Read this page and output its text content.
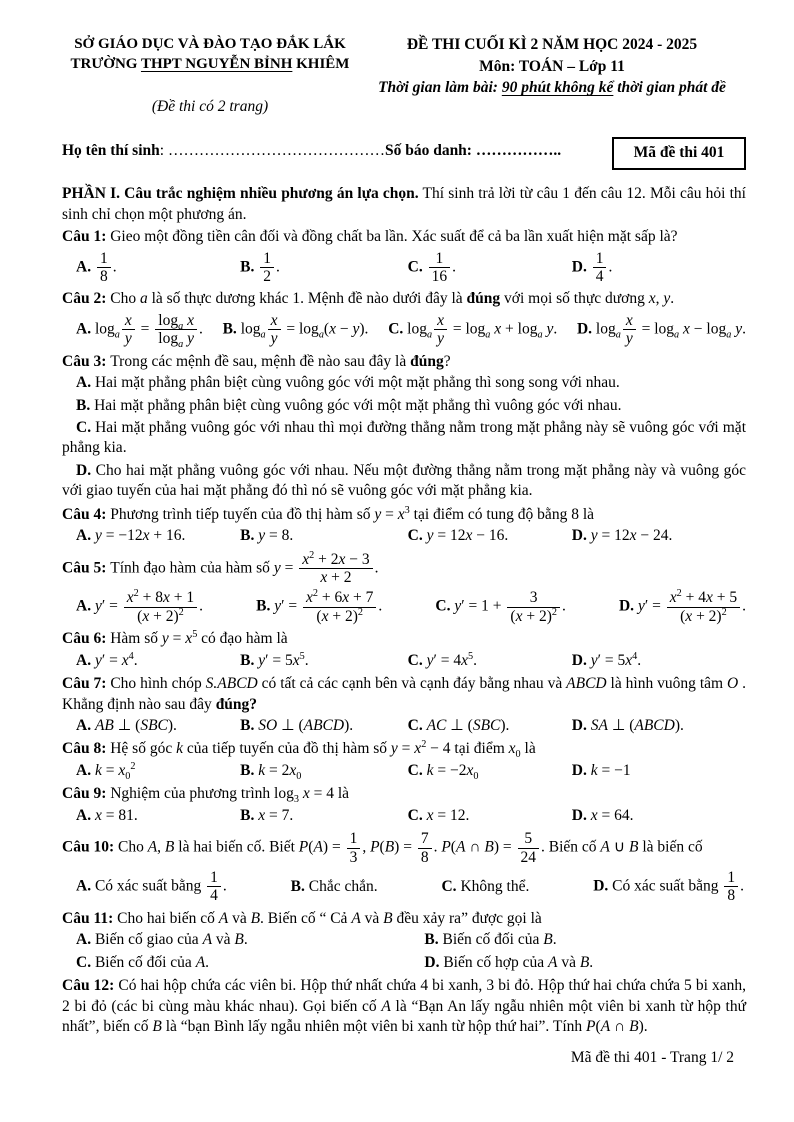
SỞ GIÁO DỤC VÀ ĐÀO TẠO ĐẮK LẮK
TRƯỜNG THPT NGUYỄN BỈNH KHIÊM
(Đề thi có 2 trang)
ĐỀ THI CUỐI KÌ 2 NĂM HỌC 2024 - 2025
Môn: TOÁN – Lớp 11
Thời gian làm bài: 90 phút không kể thời gian phát đề
Họ tên thí sinh: ……………………………………Số báo danh: ……………..	Mã đề thi 401
PHẦN I. Câu trắc nghiệm nhiều phương án lựa chọn. Thí sinh trả lời từ câu 1 đến câu 12. Mỗi câu hỏi thí sinh chỉ chọn một phương án.
Câu 1: Gieo một đồng tiền cân đối và đồng chất ba lần. Xác suất để cả ba lần xuất hiện mặt sấp là?
A. $\frac{1}{8}$ .	B. $\frac{1}{2}$ .	C. $\frac{1}{16}$ .	D. $\frac{1}{4}$ .
Câu 2: Cho a là số thực dương khác 1. Mệnh đề nào dưới đây là đúng với mọi số thực dương x, y.
A. $\log_a \frac{x}{y} = \frac{\log_a x}{\log_a y}$ . B. $\log_a \frac{x}{y} = \log_a(x - y)$. C. $\log_a \frac{x}{y} = \log_a x + \log_a y$. D. $\log_a \frac{x}{y} = \log_a x - \log_a y$.
Câu 3: Trong các mệnh đề sau, mệnh đề nào sau đây là đúng?
A. Hai mặt phẳng phân biệt cùng vuông góc với một mặt phẳng thì song song với nhau.
B. Hai mặt phẳng phân biệt cùng vuông góc với một mặt phẳng thì vuông góc với nhau.
C. Hai mặt phẳng vuông góc với nhau thì mọi đường thẳng nằm trong mặt phẳng này sẽ vuông góc với mặt phẳng kia.
D. Cho hai mặt phẳng vuông góc với nhau. Nếu một đường thẳng nằm trong mặt phẳng này và vuông góc với giao tuyến của hai mặt phẳng đó thì nó sẽ vuông góc với mặt phẳng kia.
Câu 4: Phương trình tiếp tuyến của đồ thị hàm số $y = x^3$ tại điểm có tung độ bằng 8 là
A. y = −12x + 16.	B. y = 8.	C. y = 12x − 16.	D. y = 12x − 24.
Câu 5: Tính đạo hàm của hàm số $y = \frac{x^2 + 2x - 3}{x + 2}$ .
A. $y' = \frac{x^2 + 8x + 1}{(x + 2)^2}$ .	B. $y' = \frac{x^2 + 6x + 7}{(x + 2)^2}$ .	C. $y' = 1 + \frac{3}{(x + 2)^2}$ .	D. $y' = \frac{x^2 + 4x + 5}{(x + 2)^2}$ .
Câu 6: Hàm số $y = x^5$ có đạo hàm là
A. $y' = x^4$.	B. $y' = 5x^5$.	C. $y' = 4x^5$.	D. $y' = 5x^4$.
Câu 7: Cho hình chóp S.ABCD có tất cả các cạnh bên và cạnh đáy bằng nhau và ABCD là hình vuông tâm O . Khẳng định nào sau đây đúng?
A. AB ⊥ (SBC).	B. SO ⊥ (ABCD).	C. AC ⊥ (SBC).	D. SA ⊥ (ABCD).
Câu 8: Hệ số góc k của tiếp tuyến của đồ thị hàm số $y = x^2 - 4$ tại điểm $x_0$ là
A. $k = x_0^2$	B. $k = 2x_0$	C. $k = -2x_0$	D. k = −1
Câu 9: Nghiệm của phương trình $\log_3 x = 4$ là
A. x = 81.	B. x = 7.	C. x = 12.	D. x = 64.
Câu 10: Cho A, B là hai biến cố. Biết $P(A) = \frac{1}{3}$ , $P(B) = \frac{7}{8}$ . P(A ∩ $B) = \frac{5}{24}$ . Biến cố A ∪ B là biến cố
A. Có xác suất bằng $\frac{1}{4}$ .	B. Chắc chắn.	C. Không thể.	D. Có xác suất bằng $\frac{1}{8}$ .
Câu 11: Cho hai biến cố A và B. Biến cố “ Cả A và B đều xảy ra” được gọi là
A. Biến cố giao của A và B.	B. Biến cố đối của B.
C. Biến cố đối của A.	D. Biến cố hợp của A và B.
Câu 12: Có hai hộp chứa các viên bi. Hộp thứ nhất chứa 4 bi xanh, 3 bi đỏ. Hộp thứ hai chứa chứa 5 bi xanh, 2 bi đỏ (các bi cùng màu khác nhau). Gọi biến cố A là “Bạn An lấy ngẫu nhiên một viên bi xanh từ hộp thứ nhất”, biến cố B là “bạn Bình lấy ngẫu nhiên một viên bi xanh từ hộp thứ hai”. Tính P(A ∩ B).
Mã đề thi 401 - Trang 1/ 2
